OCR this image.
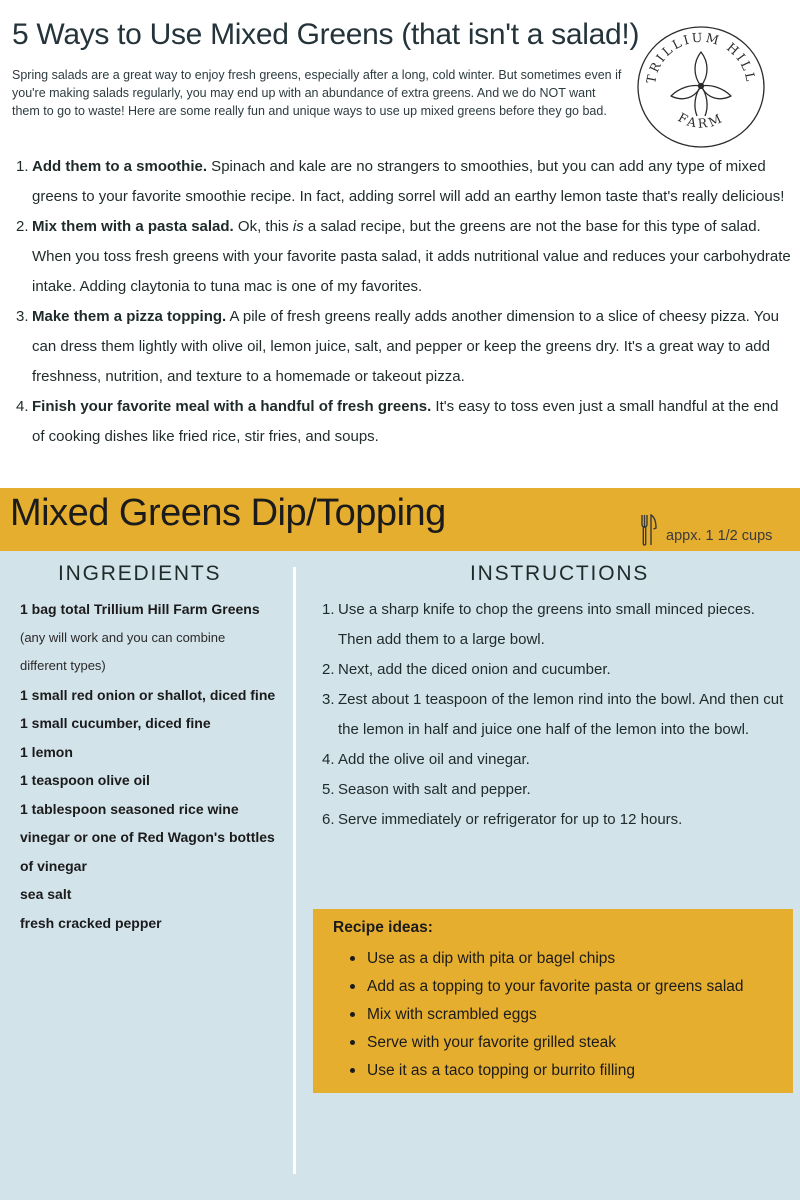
5 Ways to Use Mixed Greens (that isn't a salad!)

Spring salads are a great way to enjoy fresh greens, especially after a long, cold winter. But sometimes even if you're making salads regularly, you may end up with an abundance of extra greens. And we do NOT want them to go to waste! Here are some really fun and unique ways to use up mixed greens before they go bad.

TRILLIUM HILL
FARM
1. Add them to a smoothie. Spinach and kale are no strangers to smoothies, but you can add any type of mixed greens to your favorite smoothie recipe. In fact, adding sorrel will add an earthy lemon taste that's really delicious!
2. Mix them with a pasta salad. Ok, this is a salad recipe, but the greens are not the base for this type of salad. When you toss fresh greens with your favorite pasta salad, it adds nutritional value and reduces your carbohydrate intake. Adding claytonia to tuna mac is one of my favorites.
3. Make them a pizza topping. A pile of fresh greens really adds another dimension to a slice of cheesy pizza. You can dress them lightly with olive oil, lemon juice, salt, and pepper or keep the greens dry. It's a great way to add freshness, nutrition, and texture to a homemade or takeout pizza.
4. Finish your favorite meal with a handful of fresh greens. It's easy to toss even just a small handful at the end of cooking dishes like fried rice, stir fries, and soups.
Mixed Greens Dip/Topping
appx. 1 1/2 cups
INGREDIENTS	INSTRUCTIONS
1 bag total Trillium Hill Farm Greens
(any will work and you can combine
different types)
1 small red onion or shallot, diced fine
1 small cucumber, diced fine
1 lemon
1 teaspoon olive oil
1 tablespoon seasoned rice wine
vinegar or one of Red Wagon's bottles
of vinegar
sea salt
fresh cracked pepper
1. Use a sharp knife to chop the greens into small minced pieces. Then add them to a large bowl.
2. Next, add the diced onion and cucumber.
3. Zest about 1 teaspoon of the lemon rind into the bowl. And then cut the lemon in half and juice one half of the lemon into the bowl.
4. Add the olive oil and vinegar.
5. Season with salt and pepper.
6. Serve immediately or refrigerator for up to 12 hours.
Recipe ideas:
Use as a dip with pita or bagel chips
Add as a topping to your favorite pasta or greens salad
Mix with scrambled eggs
Serve with your favorite grilled steak
Use it as a taco topping or burrito filling
